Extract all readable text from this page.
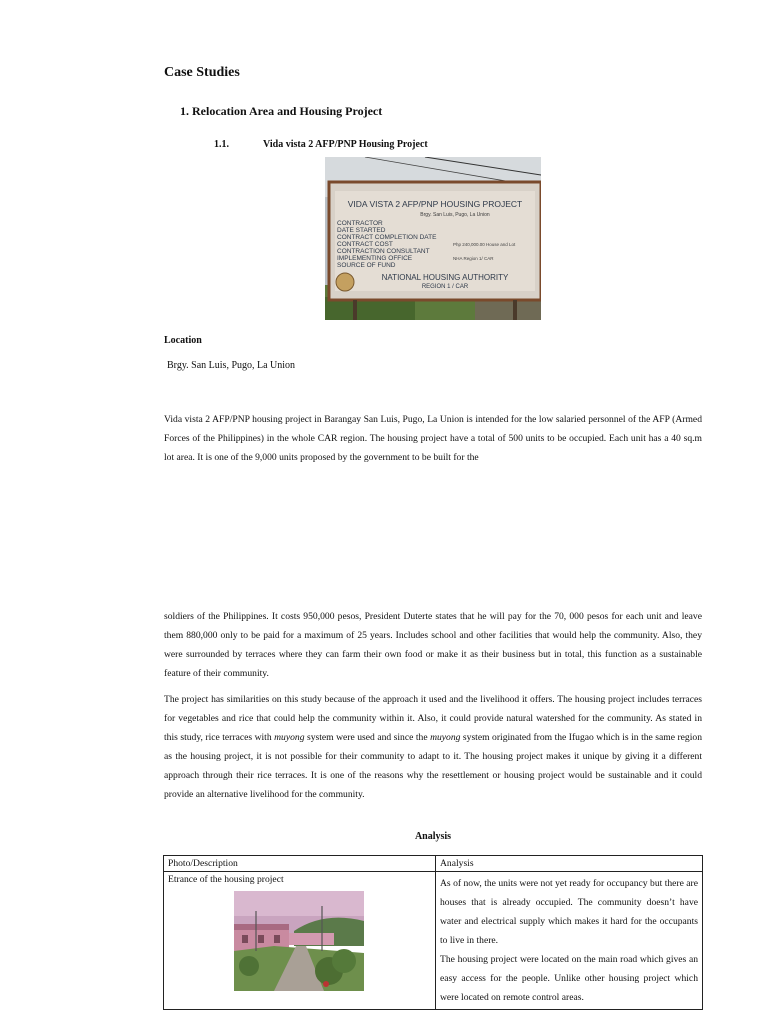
Case Studies
1. Relocation Area and Housing Project
1.1.	Vida vista 2 AFP/PNP Housing Project
VIDA VISTA 2 AFP/PNP HOUSING PROJECT
Brgy. San Luis, Pugo, La Union
CONTRACTOR
DATE STARTED
CONTRACT COMPLETION DATE
CONTRACT COST
CONTRACTION CONSULTANT
IMPLEMENTING OFFICE
SOURCE OF FUND
Php 240,000.00 House and Lot
NHA Region 1/ CAR
NATIONAL HOUSING AUTHORITY
REGION 1 / CAR
Location
Brgy. San Luis, Pugo, La Union

Vida vista 2 AFP/PNP housing project in Barangay San Luis, Pugo, La Union is intended for the low salaried personnel of the AFP (Armed Forces of the Philippines) in the whole CAR region. The housing project have a total of 500 units to be occupied. Each unit has a 40 sq.m lot area. It is one of the 9,000 units proposed by the government to be built for the

soldiers of the Philippines. It costs 950,000 pesos, President Duterte states that he will pay for the 70, 000 pesos for each unit and leave them 880,000 only to be paid for a maximum of 25 years. Includes school and other facilities that would help the community. Also, they were surrounded by terraces where they can farm their own food or make it as their business but in total, this function as a sustainable feature of their community.

The project has similarities on this study because of the approach it used and the livelihood it offers. The housing project includes terraces for vegetables and rice that could help the community within it. Also, it could provide natural watershed for the community. As stated in this study, rice terraces with muyong system were used and since the muyong system originated from the Ifugao which is in the same region as the housing project, it is not possible for their community to adapt to it. The housing project makes it unique by giving it a different approach through their rice terraces. It is one of the reasons why the resettlement or housing project would be sustainable and it could provide an alternative livelihood for the community.

Analysis
Photo/Description	Analysis

Etrance of the housing project	As of now, the units were not yet ready for occupancy but there are houses that is already occupied. The community doesn’t have water and electrical supply which makes it hard for the occupants to live in there.
The housing project were located on the main road which gives an easy access for the people. Unlike other housing project which were located on remote control areas.
